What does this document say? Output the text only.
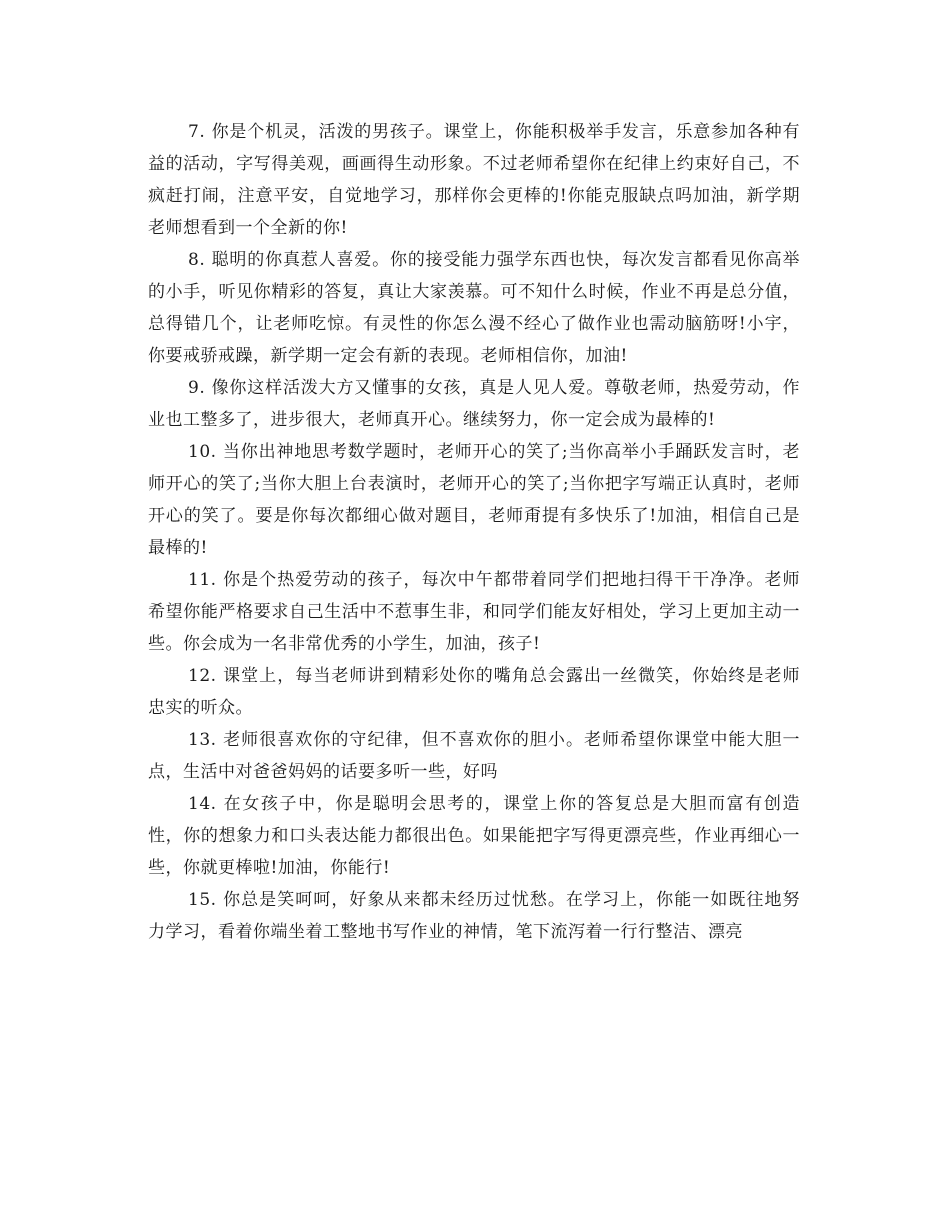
7. 你是个机灵，活泼的男孩子。课堂上，你能积极举手发言，乐意参加各种有益的活动，字写得美观，画画得生动形象。不过老师希望你在纪律上约束好自己，不疯赶打闹，注意平安，自觉地学习，那样你会更棒的!你能克服缺点吗加油，新学期老师想看到一个全新的你!

8. 聪明的你真惹人喜爱。你的接受能力强学东西也快，每次发言都看见你高举的小手，听见你精彩的答复，真让大家羡慕。可不知什么时候，作业不再是总分值，总得错几个，让老师吃惊。有灵性的你怎么漫不经心了做作业也需动脑筋呀!小宇，你要戒骄戒躁，新学期一定会有新的表现。老师相信你，加油!

9. 像你这样活泼大方又懂事的女孩，真是人见人爱。尊敬老师，热爱劳动，作业也工整多了，进步很大，老师真开心。继续努力，你一定会成为最棒的!

10. 当你出神地思考数学题时，老师开心的笑了;当你高举小手踊跃发言时，老师开心的笑了;当你大胆上台表演时，老师开心的笑了;当你把字写端正认真时，老师开心的笑了。要是你每次都细心做对题目，老师甭提有多快乐了!加油，相信自己是最棒的!

11. 你是个热爱劳动的孩子，每次中午都带着同学们把地扫得干干净净。老师希望你能严格要求自己生活中不惹事生非，和同学们能友好相处，学习上更加主动一些。你会成为一名非常优秀的小学生，加油，孩子!

12. 课堂上，每当老师讲到精彩处你的嘴角总会露出一丝微笑，你始终是老师忠实的听众。

13. 老师很喜欢你的守纪律，但不喜欢你的胆小。老师希望你课堂中能大胆一点，生活中对爸爸妈妈的话要多听一些，好吗

14. 在女孩子中，你是聪明会思考的，课堂上你的答复总是大胆而富有创造性，你的想象力和口头表达能力都很出色。如果能把字写得更漂亮些，作业再细心一些，你就更棒啦!加油，你能行!

15. 你总是笑呵呵，好象从来都未经历过忧愁。在学习上，你能一如既往地努力学习，看着你端坐着工整地书写作业的神情，笔下流泻着一行行整洁、漂亮
